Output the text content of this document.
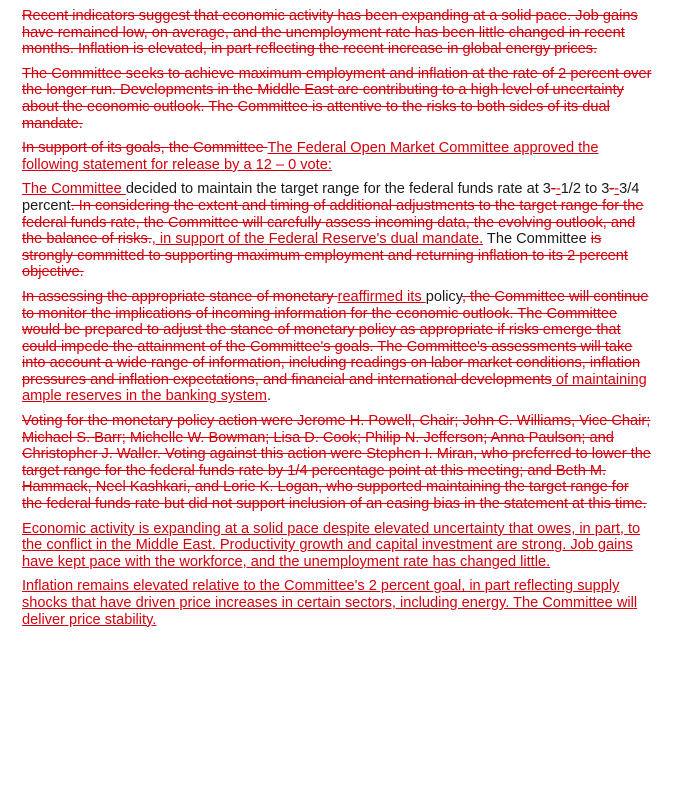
Recent indicators suggest that economic activity has been expanding at a solid pace. Job gains have remained low, on average, and the unemployment rate has been little changed in recent months. Inflation is elevated, in part reflecting the recent increase in global energy prices.

The Committee seeks to achieve maximum employment and inflation at the rate of 2 percent over the longer run. Developments in the Middle East are contributing to a high level of uncertainty about the economic outlook. The Committee is attentive to the risks to both sides of its dual mandate.

In support of its goals, the Committee The Federal Open Market Committee approved the following statement for release by a 12 – 0 vote:

The Committee decided to maintain the target range for the federal funds rate at 3--1/2 to 3--3/4 percent. In considering the extent and timing of additional adjustments to the target range for the federal funds rate, the Committee will carefully assess incoming data, the evolving outlook, and the balance of risks., in support of the Federal Reserve's dual mandate. The Committee is strongly committed to supporting maximum employment and returning inflation to its 2 percent objective.

In assessing the appropriate stance of monetary reaffirmed its policy, the Committee will continue to monitor the implications of incoming information for the economic outlook. The Committee would be prepared to adjust the stance of monetary policy as appropriate if risks emerge that could impede the attainment of the Committee's goals. The Committee's assessments will take into account a wide range of information, including readings on labor market conditions, inflation pressures and inflation expectations, and financial and international developments of maintaining ample reserves in the banking system.

Voting for the monetary policy action were Jerome H. Powell, Chair; John C. Williams, Vice Chair; Michael S. Barr; Michelle W. Bowman; Lisa D. Cook; Philip N. Jefferson; Anna Paulson; and Christopher J. Waller. Voting against this action were Stephen I. Miran, who preferred to lower the target range for the federal funds rate by 1/4 percentage point at this meeting; and Beth M. Hammack, Neel Kashkari, and Lorie K. Logan, who supported maintaining the target range for the federal funds rate but did not support inclusion of an easing bias in the statement at this time.

Economic activity is expanding at a solid pace despite elevated uncertainty that owes, in part, to the conflict in the Middle East. Productivity growth and capital investment are strong. Job gains have kept pace with the workforce, and the unemployment rate has changed little.

Inflation remains elevated relative to the Committee's 2 percent goal, in part reflecting supply shocks that have driven price increases in certain sectors, including energy. The Committee will deliver price stability.
